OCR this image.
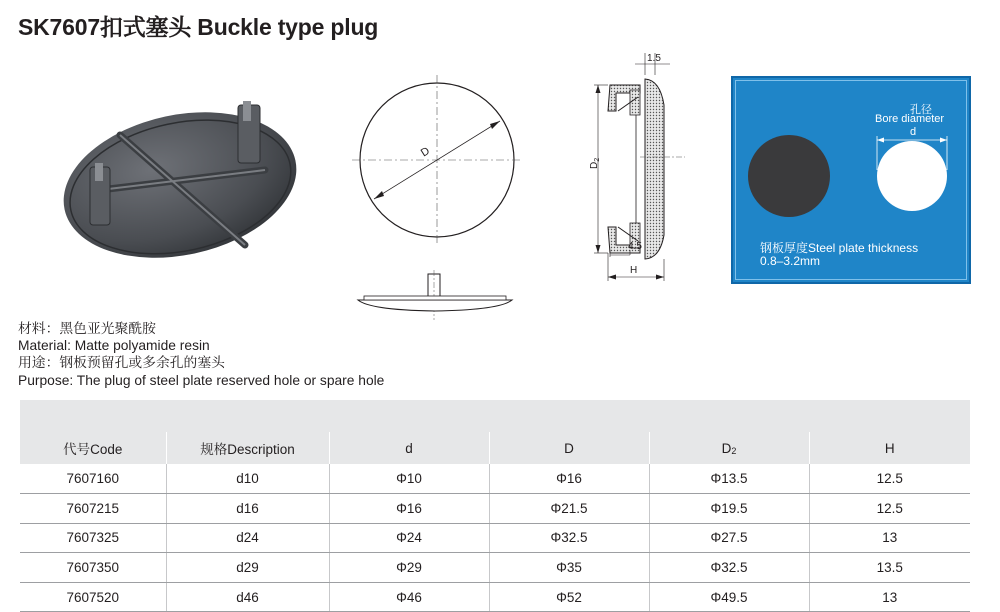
SK7607扣式塞头 Buckle type plug
D
1.5
$D_2$
4.5
H
孔径
Bore diameter
d
钢板厚度Steel plate thickness
0.8–3.2mm
材料：黑色亚光聚酰胺
Material: Matte polyamide resin
用途：钢板预留孔或多余孔的塞头
Purpose: The plug of steel plate reserved hole or spare hole

代号Code	规格Description	d	D	D2	H
7607160	d10	Φ10	Φ16	Φ13.5	12.5
7607215	d16	Φ16	Φ21.5	Φ19.5	12.5
7607325	d24	Φ24	Φ32.5	Φ27.5	13
7607350	d29	Φ29	Φ35	Φ32.5	13.5
7607520	d46	Φ46	Φ52	Φ49.5	13
